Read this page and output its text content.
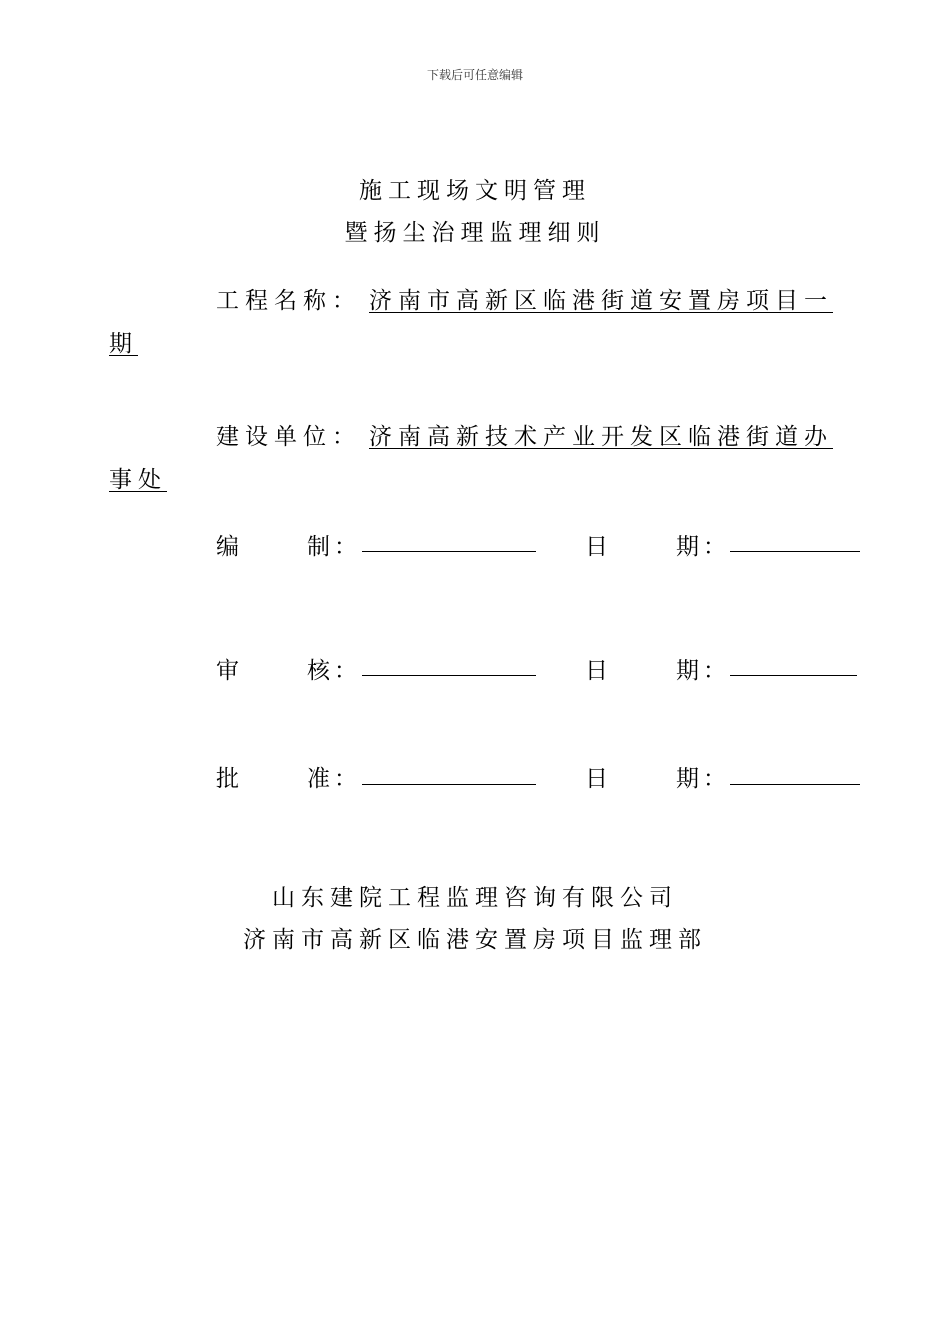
下载后可任意编辑
施工现场文明管理
暨扬尘治理监理细则
工程名称： 济南市高新区临港街道安置房项目一
期
建设单位： 济南高新技术产业开发区临港街道办
事处
编	制 ：	日	期 ：
审	核 ：	日	期 ：
批	准 ：	日	期 ：
山东建院工程监理咨询有限公司
济南市高新区临港安置房项目监理部
